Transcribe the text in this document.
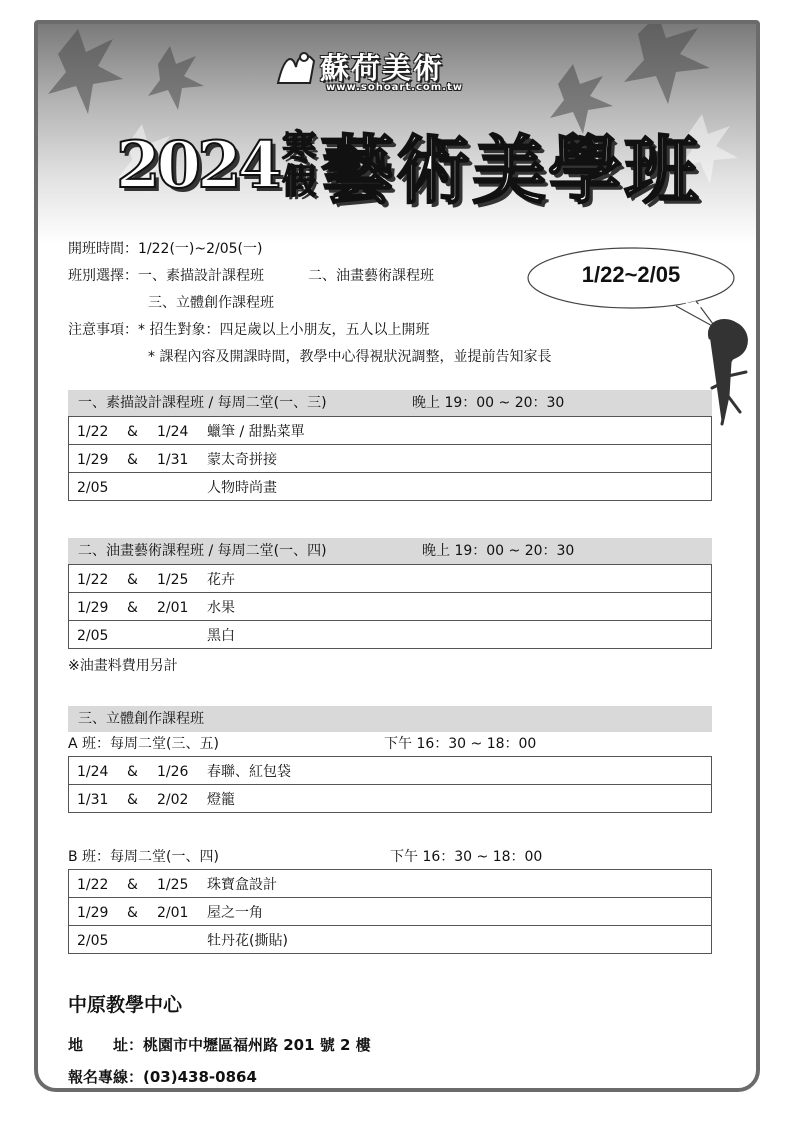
蘇荷美術
www.sohoart.com.tw
2024 寒
假 藝術美學班
開班時間： 1/22(一)~2/05(一)
班別選擇： 一、素描設計課程班	二、油畫藝術課程班
三、立體創作課程班
注意事項： * 招生對象：四足歲以上小朋友，五人以上開班
* 課程內容及開課時間，教學中心得視狀況調整，並提前告知家長
1/22~2/05
一、素描設計課程班 / 每周二堂(一、三)	晚上 19：00 ~ 20：30
1/22 & 1/24 蠟筆 / 甜點菜單
1/29 & 1/31 蒙太奇拼接
2/05	人物時尚畫
二、油畫藝術課程班 / 每周二堂(一、四)	晚上 19：00 ~ 20：30
1/22 & 1/25 花卉
1/29 & 2/01 水果
2/05	黑白
※油畫料費用另計
三、立體創作課程班
A 班：每周二堂(三、五)	下午 16：30 ~ 18：00
1/24 & 1/26 春聯、紅包袋
1/31 & 2/02 燈籠
B 班：每周二堂(一、四)	下午 16：30 ~ 18：00
1/22 & 1/25 珠寶盒設計
1/29 & 2/01 屋之一角
2/05	牡丹花(撕貼)
中原教學中心
地　　址：桃園市中壢區福州路 201 號 2 樓
報名專線：(03)438-0864
